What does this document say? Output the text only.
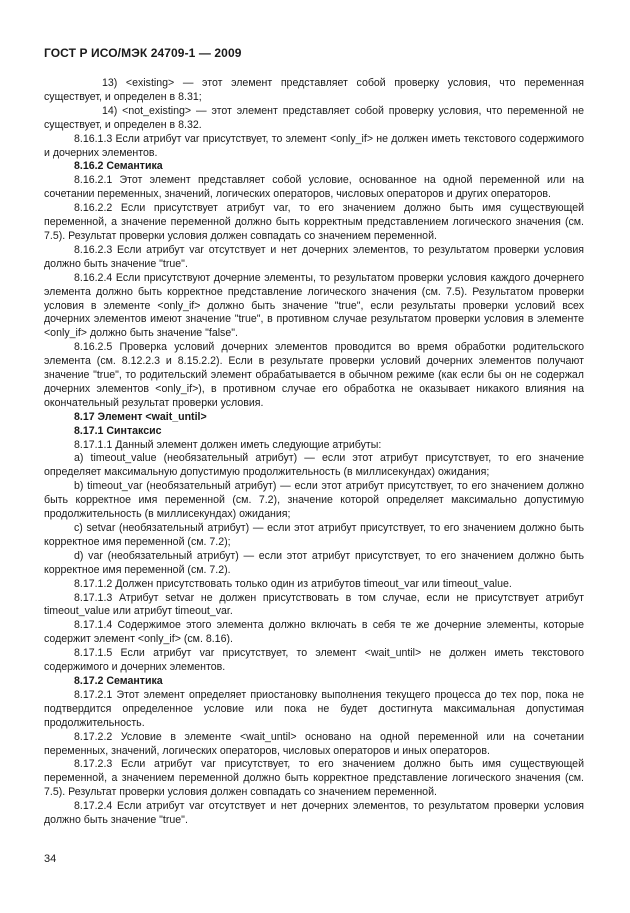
ГОСТ Р ИСО/МЭК 24709-1 — 2009

13) <existing> — этот элемент представляет собой проверку условия, что переменная существует, и определен в 8.31;

14) <not_existing> — этот элемент представляет собой проверку условия, что переменной не существует, и определен в 8.32.

8.16.1.3 Если атрибут var присутствует, то элемент <only_if> не должен иметь текстового содержимого и дочерних элементов.

8.16.2 Семантика

8.16.2.1 Этот элемент представляет собой условие, основанное на одной переменной или на сочетании переменных, значений, логических операторов, числовых операторов и других операторов.

8.16.2.2 Если присутствует атрибут var, то его значением должно быть имя существующей переменной, а значение переменной должно быть корректным представлением логического значения (см. 7.5). Результат проверки условия должен совпадать со значением переменной.

8.16.2.3 Если атрибут var отсутствует и нет дочерних элементов, то результатом проверки условия должно быть значение "true".

8.16.2.4 Если присутствуют дочерние элементы, то результатом проверки условия каждого дочернего элемента должно быть корректное представление логического значения (см. 7.5). Результатом проверки условия в элементе <only_if> должно быть значение "true", если результаты проверки условий всех дочерних элементов имеют значение "true", в противном случае результатом проверки условия в элементе <only_if> должно быть значение "false".

8.16.2.5 Проверка условий дочерних элементов проводится во время обработки родительского элемента (см. 8.12.2.3 и 8.15.2.2). Если в результате проверки условий дочерних элементов получают значение "true", то родительский элемент обрабатывается в обычном режиме (как если бы он не содержал дочерних элементов <only_if>), в противном случае его обработка не оказывает никакого влияния на окончательный результат проверки условия.

8.17 Элемент <wait_until>

8.17.1 Синтаксис

8.17.1.1 Данный элемент должен иметь следующие атрибуты:

a) timeout_value (необязательный атрибут) — если этот атрибут присутствует, то его значение определяет максимальную допустимую продолжительность (в миллисекундах) ожидания;

b) timeout_var (необязательный атрибут) — если этот атрибут присутствует, то его значением должно быть корректное имя переменной (см. 7.2), значение которой определяет максимально допустимую продолжительность (в миллисекундах) ожидания;

c) setvar (необязательный атрибут) — если этот атрибут присутствует, то его значением должно быть корректное имя переменной (см. 7.2);

d) var (необязательный атрибут) — если этот атрибут присутствует, то его значением должно быть корректное имя переменной (см. 7.2).

8.17.1.2 Должен присутствовать только один из атрибутов timeout_var или timeout_value.

8.17.1.3 Атрибут setvar не должен присутствовать в том случае, если не присутствует атрибут timeout_value или атрибут timeout_var.

8.17.1.4 Содержимое этого элемента должно включать в себя те же дочерние элементы, которые содержит элемент <only_if> (см. 8.16).

8.17.1.5 Если атрибут var присутствует, то элемент <wait_until> не должен иметь текстового содержимого и дочерних элементов.

8.17.2 Семантика

8.17.2.1 Этот элемент определяет приостановку выполнения текущего процесса до тех пор, пока не подтвердится определенное условие или пока не будет достигнута максимальная допустимая продолжительность.

8.17.2.2 Условие в элементе <wait_until> основано на одной переменной или на сочетании переменных, значений, логических операторов, числовых операторов и иных операторов.

8.17.2.3 Если атрибут var присутствует, то его значением должно быть имя существующей переменной, а значением переменной должно быть корректное представление логического значения (см. 7.5). Результат проверки условия должен совпадать со значением переменной.

8.17.2.4 Если атрибут var отсутствует и нет дочерних элементов, то результатом проверки условия должно быть значение "true".

34
